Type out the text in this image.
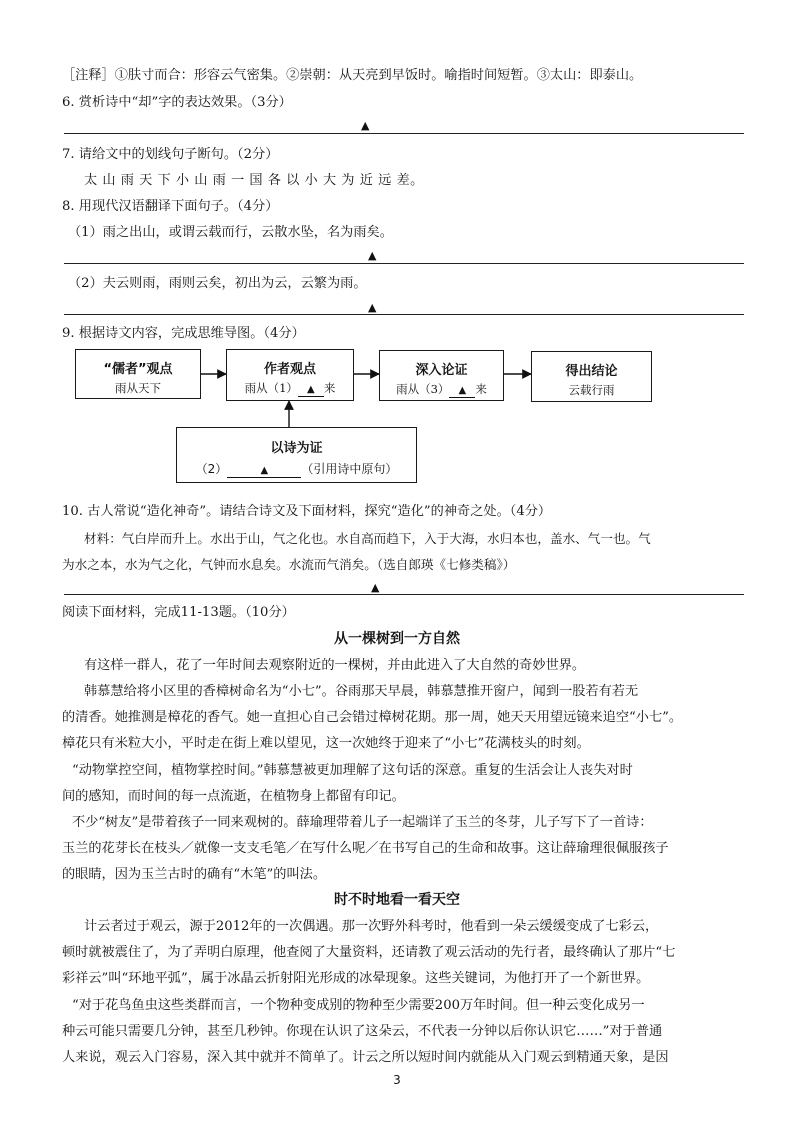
［注释］①肤寸而合：形容云气密集。②崇朝：从天亮到早饭时。喻指时间短暂。③太山：即泰山。
6. 赏析诗中“却”字的表达效果。（3分）
▲
7. 请给文中的划线句子断句。（2分）
太 山 雨 天 下 小 山 雨 一 国 各 以 小 大 为 近 远 差。
8. 用现代汉语翻译下面句子。（4分）
（1）雨之出山，或谓云载而行，云散水坠，名为雨矣。
▲
（2）夫云则雨，雨则云矣，初出为云，云繁为雨。
▲
9. 根据诗文内容，完成思维导图。（4分）
“儒者”观点
雨从天下
作者观点
雨从（1） ▲ 来
深入论证
雨从（3） ▲ 来
得出结论
云载行雨
以诗为证
（2）	▲	（引用诗中原句）
10. 古人常说“造化神奇”。请结合诗文及下面材料，探究“造化”的神奇之处。（4分）
材料：气白岸而升上。水出于山，气之化也。水自高而趋下，入于大海，水归本也，盖水、气一也。气
为水之本，水为气之化，气钟而水息矣。水流而气消矣。（选自郎瑛《七修类稿》）
▲
阅读下面材料，完成11-13题。（10分）
从一棵树到一方自然
有这样一群人，花了一年时间去观察附近的一棵树，并由此进入了大自然的奇妙世界。
韩慕慧给将小区里的香樟树命名为“小七”。谷雨那天早晨，韩慕慧推开窗户，闻到一股若有若无
的清香。她推测是樟花的香气。她一直担心自己会错过樟树花期。那一周，她天天用望远镜来追空“小七”。
樟花只有米粒大小，平时走在街上难以望见，这一次她终于迎来了“小七”花满枝头的时刻。
“动物掌控空间，植物掌控时间。”韩慕慧被更加理解了这句话的深意。重复的生活会让人丧失对时
间的感知，而时间的每一点流逝，在植物身上都留有印记。
不少“树友”是带着孩子一同来观树的。薛瑜理带着儿子一起端详了玉兰的冬芽，儿子写下了一首诗：
玉兰的花芽长在枝头／就像一支支毛笔／在写什么呢／在书写自己的生命和故事。这让薛瑜理很佩服孩子
的眼睛，因为玉兰古时的确有“木笔”的叫法。
时不时地看一看天空
计云者过于观云，源于2012年的一次偶遇。那一次野外科考时，他看到一朵云缓缓变成了七彩云，
顿时就被震住了，为了弄明白原理，他查阅了大量资料，还请教了观云活动的先行者，最终确认了那片“七
彩祥云”叫“环地平弧”，属于冰晶云折射阳光形成的冰晕现象。这些关键词，为他打开了一个新世界。
“对于花鸟鱼虫这些类群而言，一个物种变成别的物种至少需要200万年时间。但一种云变化成另一
种云可能只需要几分钟，甚至几秒钟。你现在认识了这朵云，不代表一分钟以后你认识它……”对于普通
人来说，观云入门容易，深入其中就并不简单了。计云之所以短时间内就能从入门观云到精通天象，是因
3
